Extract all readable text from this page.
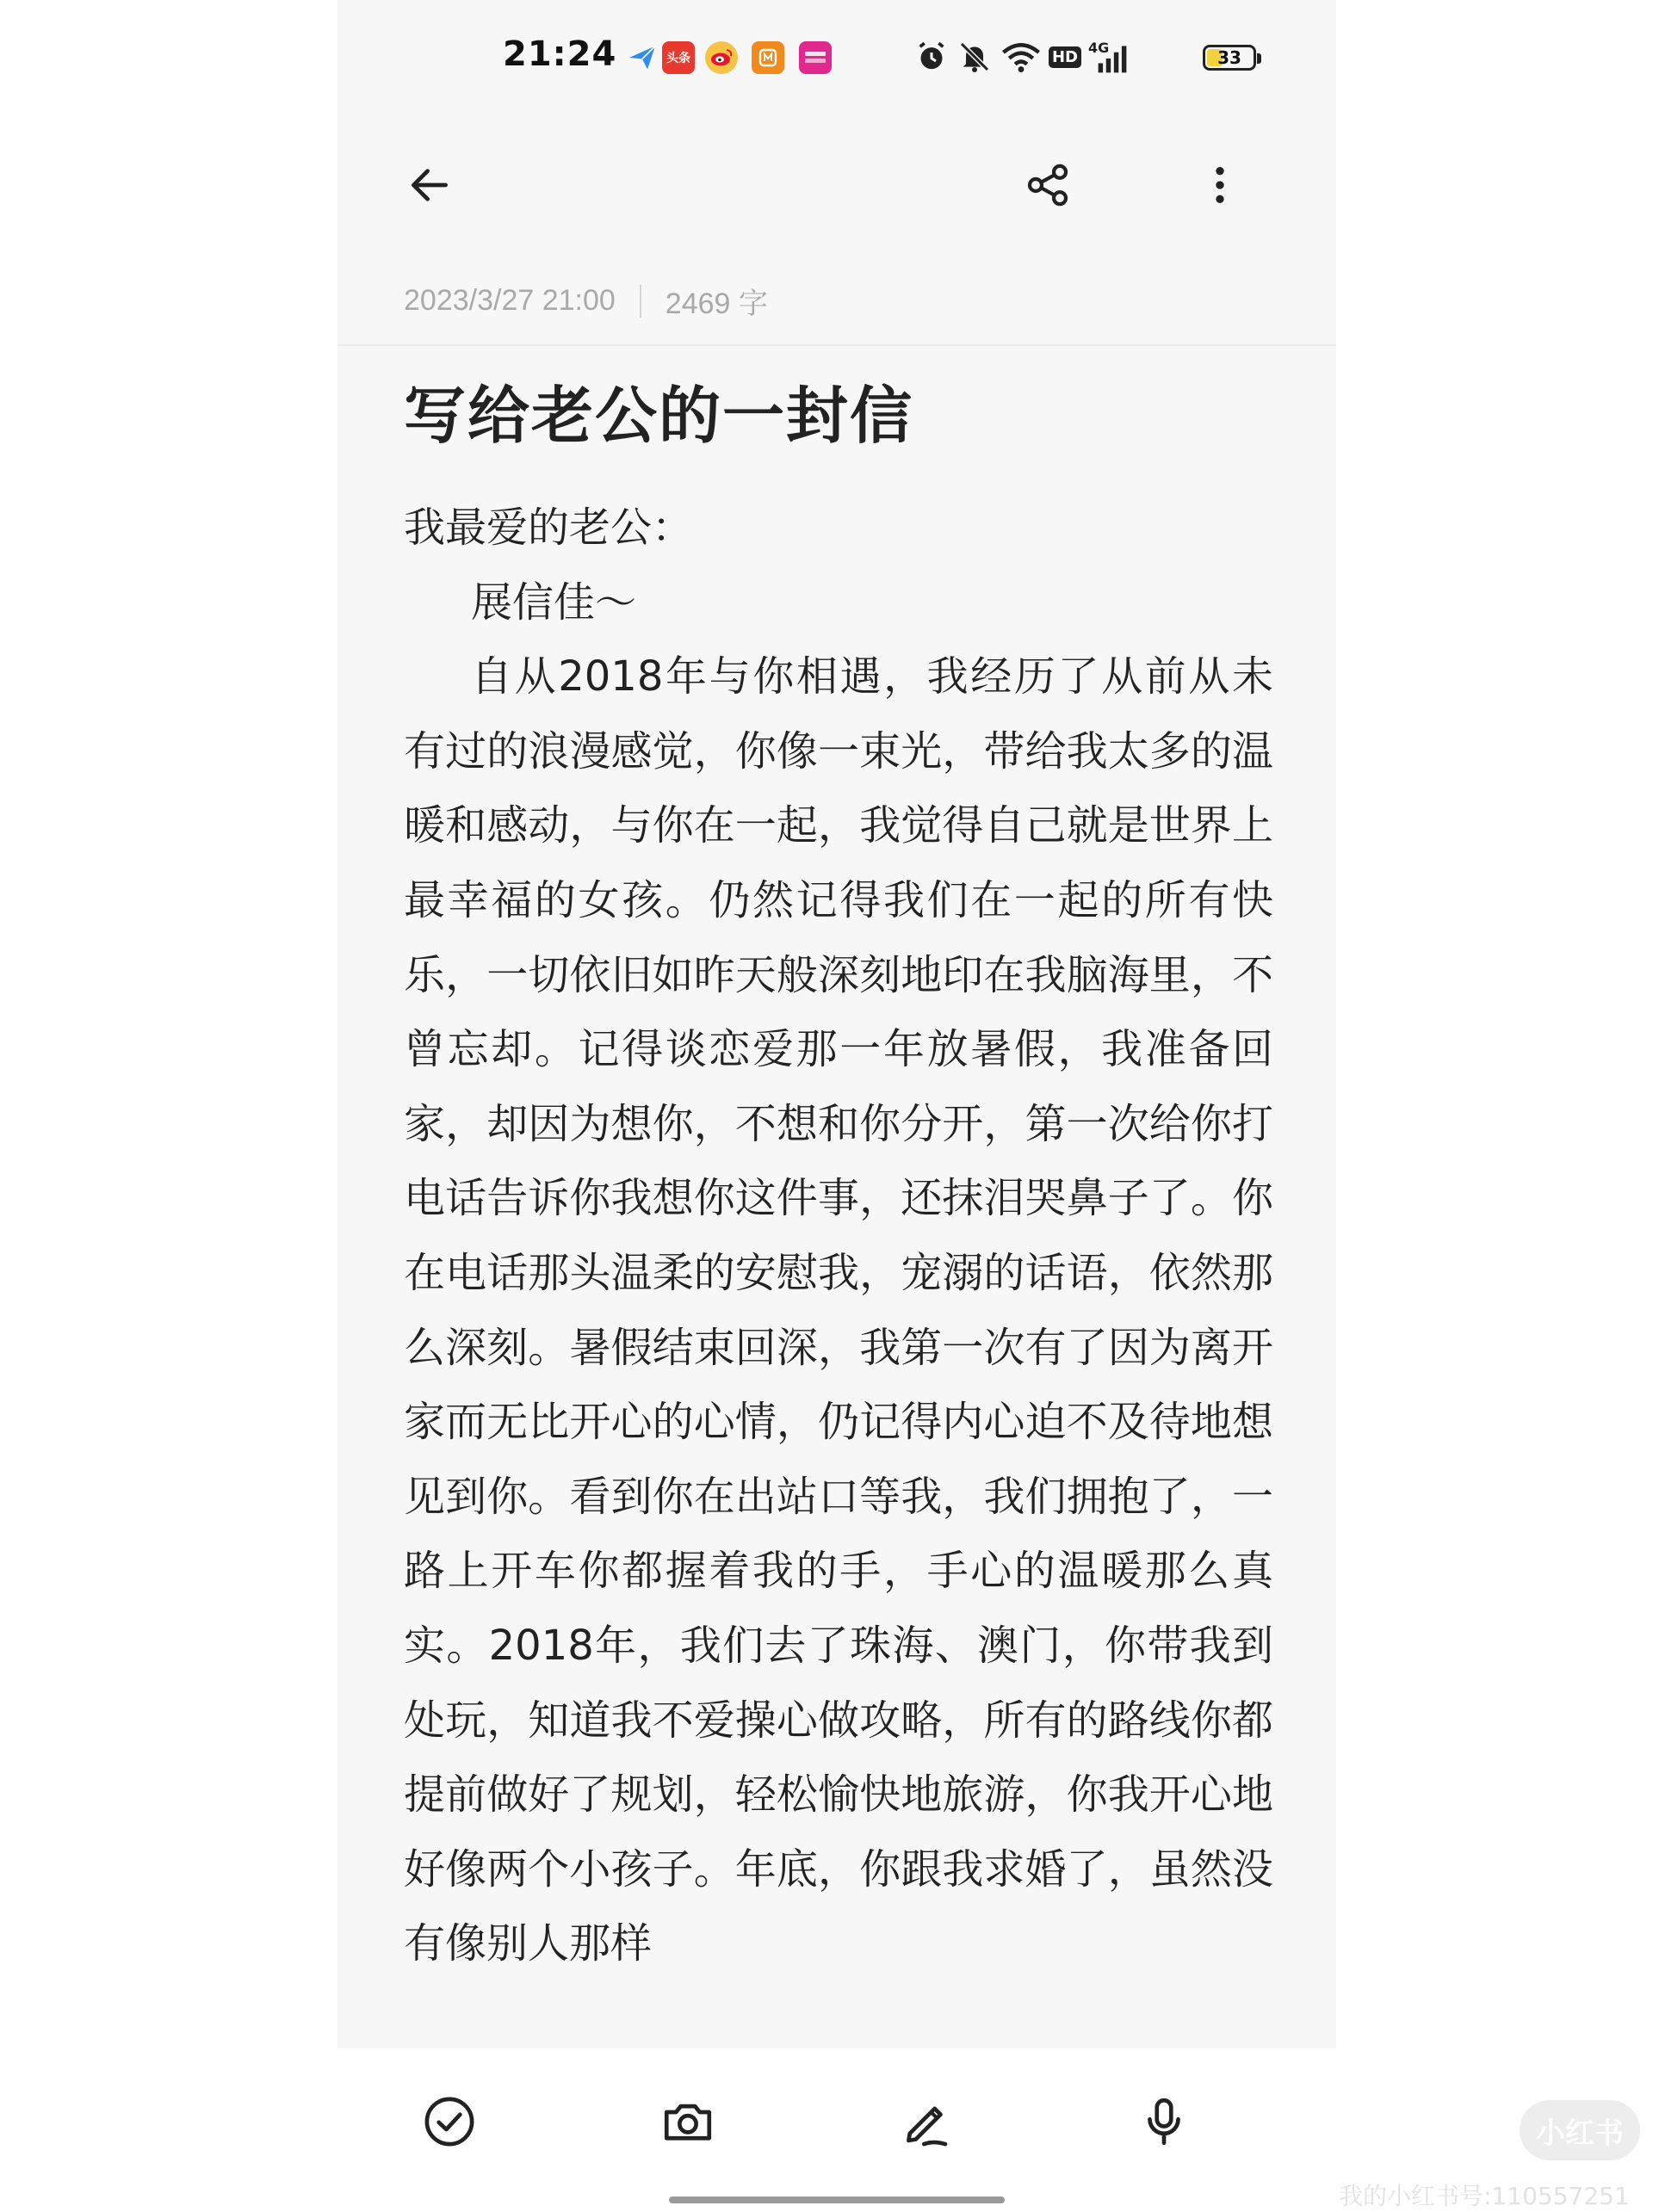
21:24	头条	HD 4G	33
2023/3/27 21:00 2469 字
写给老公的一封信

我最爱的老公：

展信佳～

自从2018年与你相遇，我经历了从前从未有过的浪漫感觉，你像一束光，带给我太多的温暖和感动，与你在一起，我觉得自己就是世界上最幸福的女孩。仍然记得我们在一起的所有快乐，一切依旧如昨天般深刻地印在我脑海里，不曾忘却。记得谈恋爱那一年放暑假，我准备回家，却因为想你，不想和你分开，第一次给你打电话告诉你我想你这件事，还抹泪哭鼻子了。你在电话那头温柔的安慰我，宠溺的话语，依然那么深刻。暑假结束回深，我第一次有了因为离开家而无比开心的心情，仍记得内心迫不及待地想见到你。看到你在出站口等我，我们拥抱了，一路上开车你都握着我的手，手心的温暖那么真实。2018年，我们去了珠海、澳门，你带我到处玩，知道我不爱操心做攻略，所有的路线你都提前做好了规划，轻松愉快地旅游，你我开心地好像两个小孩子。年底，你跟我求婚了，虽然没有像别人那样

小红书
我的小红书号:110557251
